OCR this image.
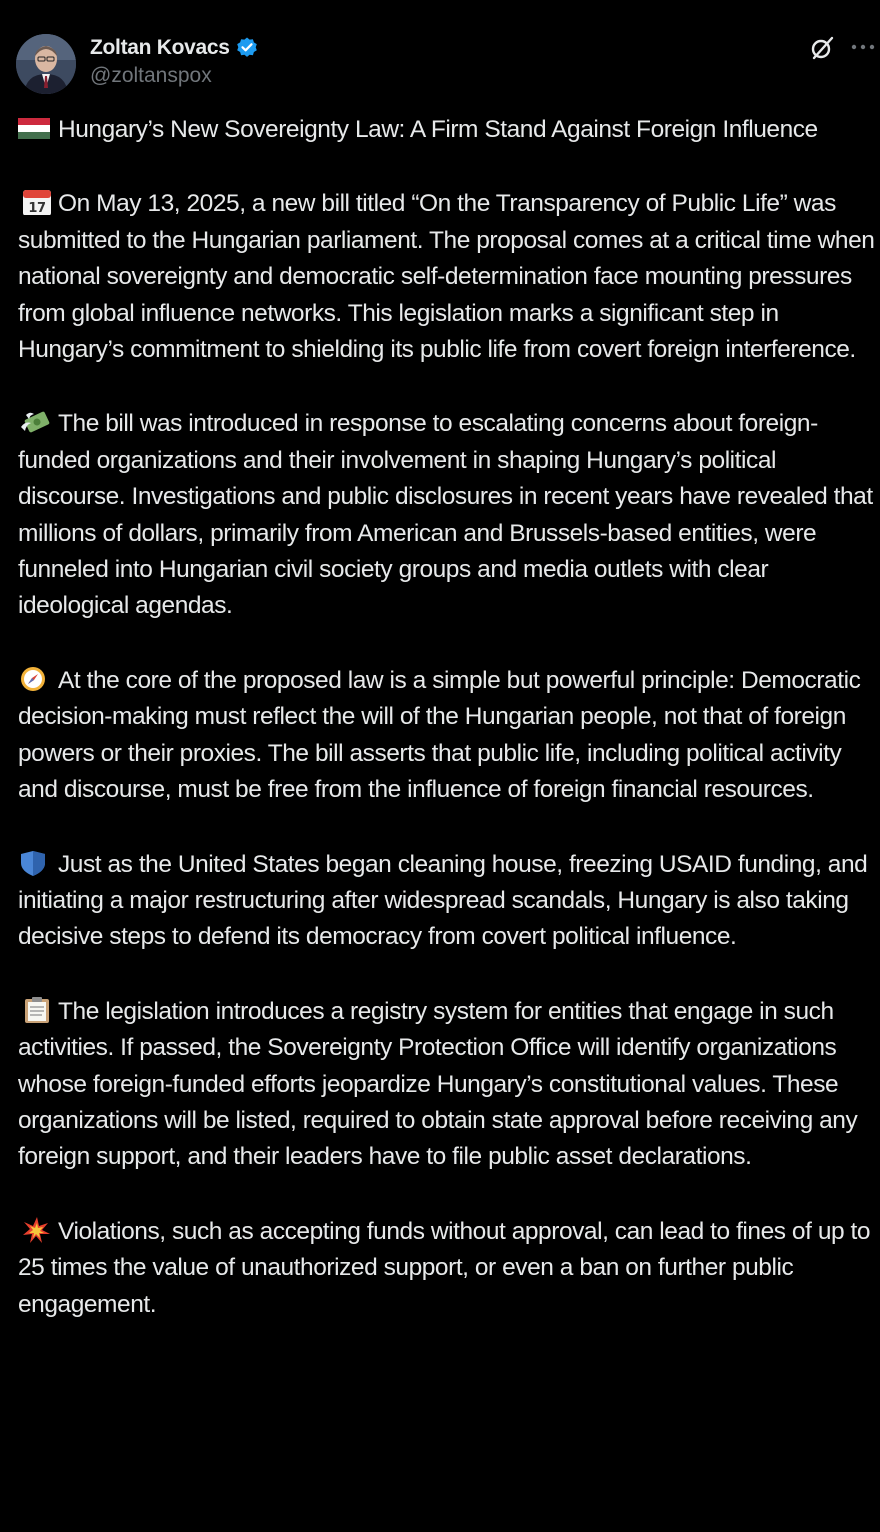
Zoltan Kovacs
@zoltanspox

Hungary’s New Sovereignty Law: A Firm Stand Against Foreign Influence

17 On May 13, 2025, a new bill titled “On the Transparency of Public Life” was submitted to the Hungarian parliament. The proposal comes at a critical time when national sovereignty and democratic self-determination face mounting pressures from global influence networks. This legislation marks a significant step in Hungary’s commitment to shielding its public life from covert foreign interference.

The bill was introduced in response to escalating concerns about foreign-funded organizations and their involvement in shaping Hungary’s political discourse. Investigations and public disclosures in recent years have revealed that millions of dollars, primarily from American and Brussels-based entities, were funneled into Hungarian civil society groups and media outlets with clear ideological agendas.

At the core of the proposed law is a simple but powerful principle: Democratic decision-making must reflect the will of the Hungarian people, not that of foreign powers or their proxies. The bill asserts that public life, including political activity and discourse, must be free from the influence of foreign financial resources.

Just as the United States began cleaning house, freezing USAID funding, and initiating a major restructuring after widespread scandals, Hungary is also taking decisive steps to defend its democracy from covert political influence.

The legislation introduces a registry system for entities that engage in such activities. If passed, the Sovereignty Protection Office will identify organizations whose foreign-funded efforts jeopardize Hungary’s constitutional values. These organizations will be listed, required to obtain state approval before receiving any foreign support, and their leaders have to file public asset declarations.

Violations, such as accepting funds without approval, can lead to fines of up to 25 times the value of unauthorized support, or even a ban on further public engagement.
